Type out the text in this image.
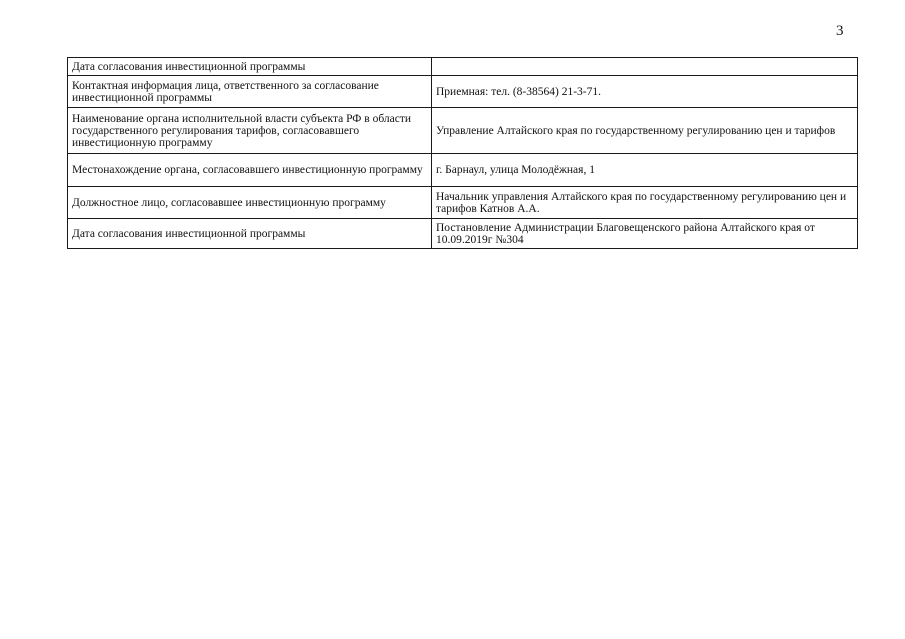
3
Дата согласования инвестиционной программы	
Контактная информация лица, ответственного за согласование инвестиционной программы	Приемная: тел. (8-38564) 21-3-71.
Наименование органа исполнительной власти субъекта РФ в области государственного регулирования тарифов, согласовавшего инвестиционную программу	Управление Алтайского края по государственному регулированию цен и тарифов
Местонахождение органа, согласовавшего инвестиционную программу	г. Барнаул, улица Молодёжная, 1
Должностное лицо, согласовавшее инвестиционную программу	Начальник управления Алтайского края по государственному регулированию цен и тарифов Катнов А.А.
Дата согласования инвестиционной программы	Постановление Администрации Благовещенского района Алтайского края от 10.09.2019г №304
